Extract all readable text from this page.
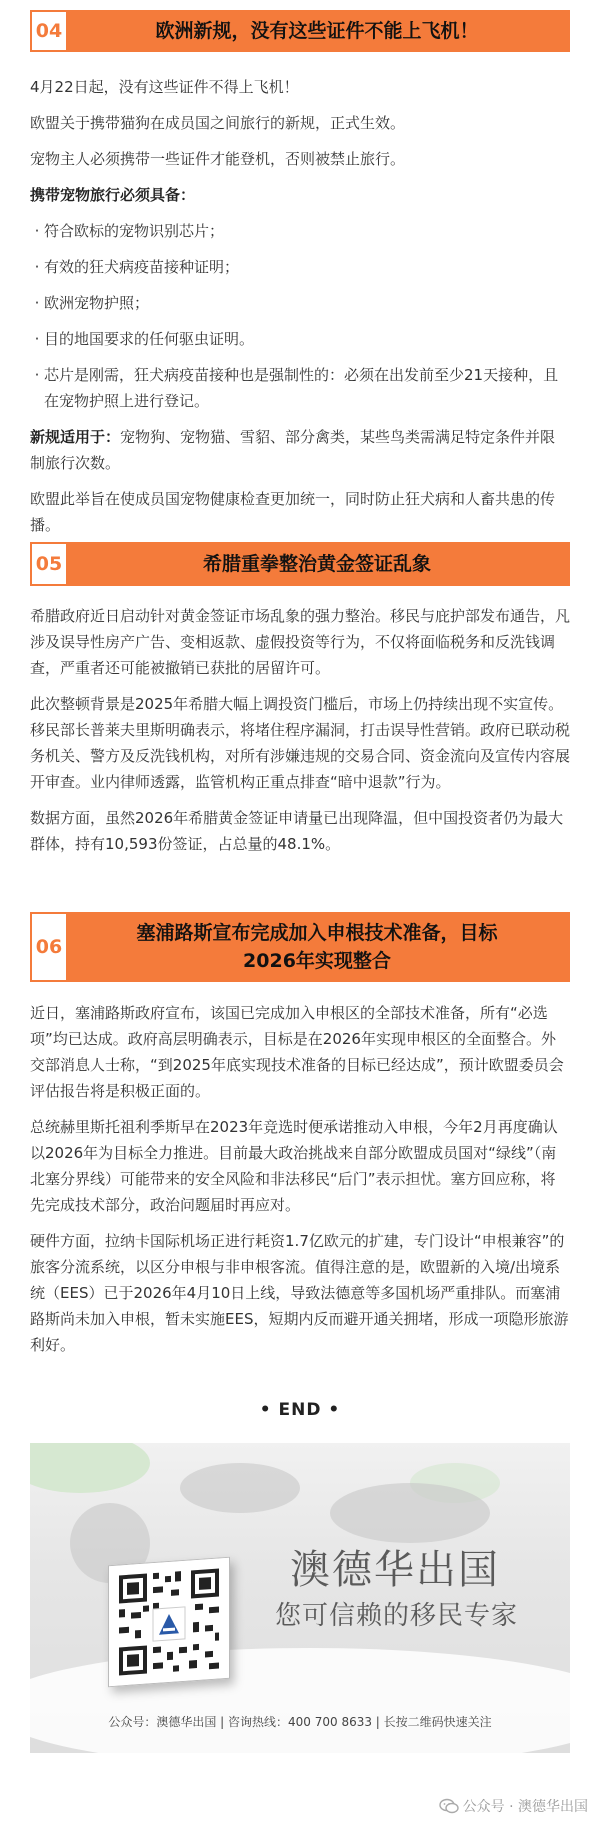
04	欧洲新规，没有这些证件不能上飞机！

4月22日起，没有这些证件不得上飞机！

欧盟关于携带猫狗在成员国之间旅行的新规，正式生效。

宠物主人必须携带一些证件才能登机，否则被禁止旅行。

携带宠物旅行必须具备：

· 符合欧标的宠物识别芯片；
· 有效的狂犬病疫苗接种证明；
· 欧洲宠物护照；
· 目的地国要求的任何驱虫证明。
· 芯片是刚需，狂犬病疫苗接种也是强制性的：必须在出发前至少21天接种，且在宠物护照上进行登记。

新规适用于：宠物狗、宠物猫、雪貂、部分禽类，某些鸟类需满足特定条件并限制旅行次数。

欧盟此举旨在使成员国宠物健康检查更加统一，同时防止狂犬病和人畜共患的传播。

05	希腊重拳整治黄金签证乱象

希腊政府近日启动针对黄金签证市场乱象的强力整治。移民与庇护部发布通告，凡涉及误导性房产广告、变相返款、虚假投资等行为，不仅将面临税务和反洗钱调查，严重者还可能被撤销已获批的居留许可。

此次整顿背景是2025年希腊大幅上调投资门槛后，市场上仍持续出现不实宣传。移民部长普莱夫里斯明确表示，将堵住程序漏洞，打击误导性营销。政府已联动税务机关、警方及反洗钱机构，对所有涉嫌违规的交易合同、资金流向及宣传内容展开审查。业内律师透露，监管机构正重点排查“暗中退款”行为。

数据方面，虽然2026年希腊黄金签证申请量已出现降温，但中国投资者仍为最大群体，持有10,593份签证，占总量的48.1%。

06
塞浦路斯宣布完成加入申根技术准备，目标
2026年实现整合

近日，塞浦路斯政府宣布，该国已完成加入申根区的全部技术准备，所有“必选项”均已达成。政府高层明确表示，目标是在2026年实现申根区的全面整合。外交部消息人士称，“到2025年底实现技术准备的目标已经达成”，预计欧盟委员会评估报告将是积极正面的。

总统赫里斯托祖利季斯早在2023年竞选时便承诺推动入申根，今年2月再度确认以2026年为目标全力推进。目前最大政治挑战来自部分欧盟成员国对“绿线”（南北塞分界线）可能带来的安全风险和非法移民“后门”表示担忧。塞方回应称，将先完成技术部分，政治问题届时再应对。

硬件方面，拉纳卡国际机场正进行耗资1.7亿欧元的扩建，专门设计“申根兼容”的旅客分流系统，以区分申根与非申根客流。值得注意的是，欧盟新的入境/出境系统（EES）已于2026年4月10日上线，导致法德意等多国机场严重排队。而塞浦路斯尚未加入申根，暂未实施EES，短期内反而避开通关拥堵，形成一项隐形旅游利好。

• END •
澳德华出国
您可信赖的移民专家
公众号：澳德华出国 | 咨询热线：400 700 8633 | 长按二维码快速关注
公众号 · 澳德华出国
